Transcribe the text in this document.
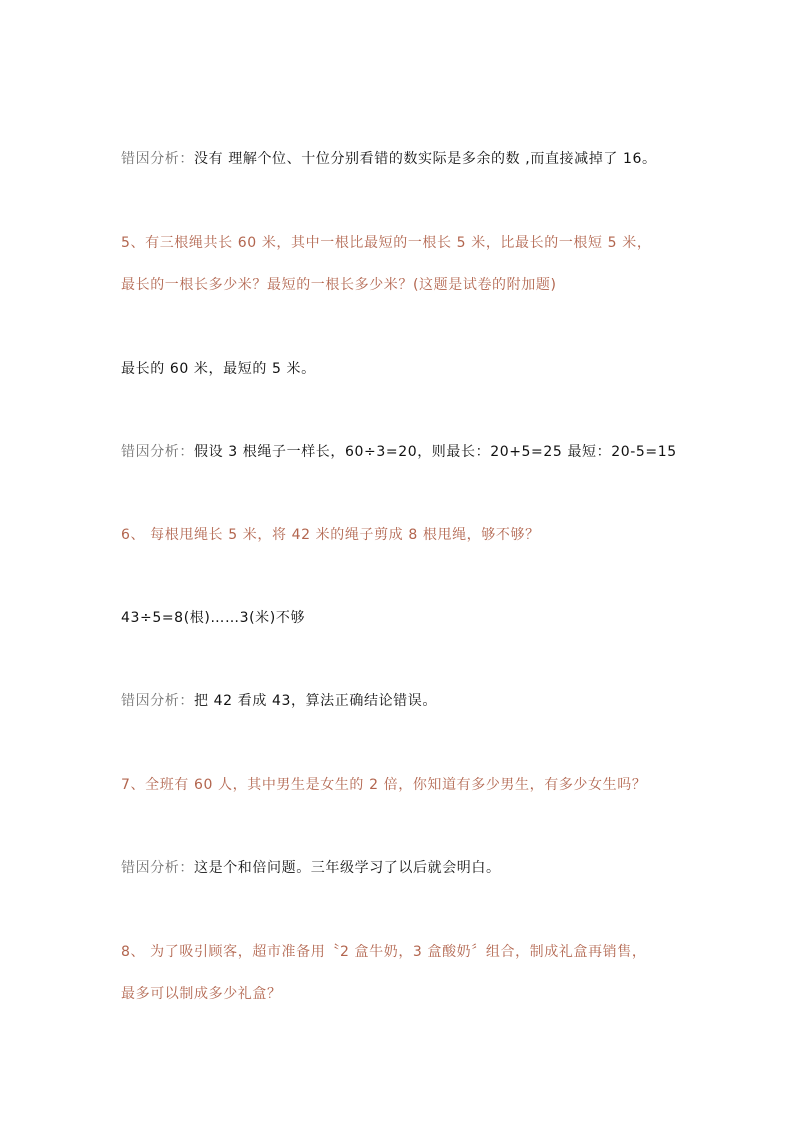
错因分析：没有 理解个位、十位分别看错的数实际是多余的数 ,而直接减掉了 16。
5、有三根绳共长 60 米，其中一根比最短的一根长 5 米，比最长的一根短 5 米，
最长的一根长多少米？最短的一根长多少米？(这题是试卷的附加题)
最长的 60 米，最短的 5 米。
错因分析：假设 3 根绳子一样长，60÷3=20，则最长：20+5=25 最短：20-5=15
6、 每根甩绳长 5 米，将 42 米的绳子剪成 8 根甩绳，够不够？
43÷5=8(根)……3(米)不够
错因分析：把 42 看成 43，算法正确结论错误。
7、全班有 60 人，其中男生是女生的 2 倍，你知道有多少男生，有多少女生吗？
错因分析：这是个和倍问题。三年级学习了以后就会明白。
8、 为了吸引顾客，超市准备用〝2 盒牛奶，3 盒酸奶〞组合，制成礼盒再销售，
最多可以制成多少礼盒？
